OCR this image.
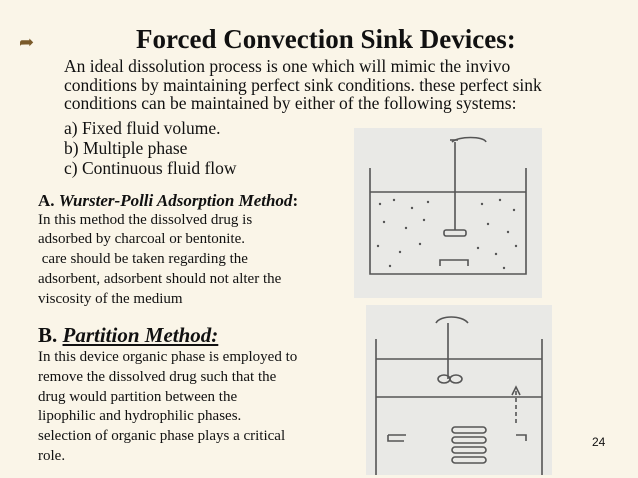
➦	Forced Convection Sink Devices:
An ideal dissolution process is one which will mimic the invivo
conditions by maintaining perfect sink conditions. these perfect sink
conditions can be maintained by either of the following systems:
a) Fixed fluid volume.
b) Multiple phase
c) Continuous fluid flow
A. Wurster-Polli Adsorption Method:
In this method the dissolved drug is
adsorbed by charcoal or bentonite.
care should be taken regarding the
adsorbent, adsorbent should not alter the
viscosity of the medium
B. Partition Method:
In this device organic phase is employed to
remove the dissolved drug such that the
drug would partition between the
lipophilic and hydrophilic phases.
selection of organic phase plays a critical
role.
24
